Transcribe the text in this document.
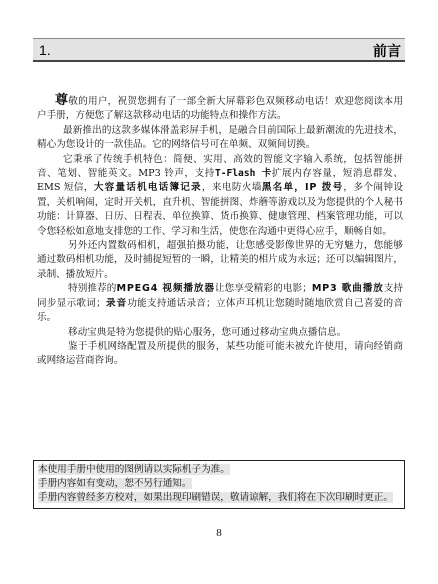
1.	前言

尊敬的用户，祝贺您拥有了一部全新大屏幕彩色双频移动电话！欢迎您阅读本用户手册，方便您了解这款移动电话的功能特点和操作方法。

最新推出的这款多媒体滑盖彩屏手机，是融合目前国际上最新潮流的先进技术，精心为您设计的一款佳品。它的网络信号可在单频、双频间切换。

它秉承了传统手机特色：简便、实用、高效的智能文字输入系统，包括智能拼音、笔划、智能英文。MP3 铃声，支持T-Flash 卡扩展内存容量，短消息群发、EMS 短信，大容量话机电话簿记录，来电防火墙黑名单，IP 拨号，多个闹钟设置，关机响闹，定时开关机，直升机、智能拼图、炸蘑等游戏以及为您提供的个人秘书功能：计算器、日历、日程表、单位换算、货币换算、健康管理、档案管理功能，可以令您轻松如意地支排您的工作、学习和生活，使您在沟通中更得心应手，顺畅自如。

另外还内置数码相机，超强拍摄功能，让您感受影像世界的无穷魅力，您能够通过数码相机功能，及时捕捉短暂的一瞬，让精美的相片成为永远；还可以编辑图片，录制、播放短片。

特别推荐的MPEG4 视频播放器让您享受精彩的电影；MP3 歌曲播放支持同步显示歌词；录音功能支持通话录音；立体声耳机让您随时随地欣赏自己喜爱的音乐。

移动宝典是特为您提供的贴心服务，您可通过移动宝典点播信息。

鉴于手机网络配置及所提供的服务，某些功能可能未被允许使用，请向经销商或网络运营商咨询。

本使用手册中使用的图例请以实际机子为准。
手册内容如有变动，恕不另行通知。
手册内容曾经多方校对，如果出现印刷错误，敬请谅解，我们将在下次印刷时更正。
8
